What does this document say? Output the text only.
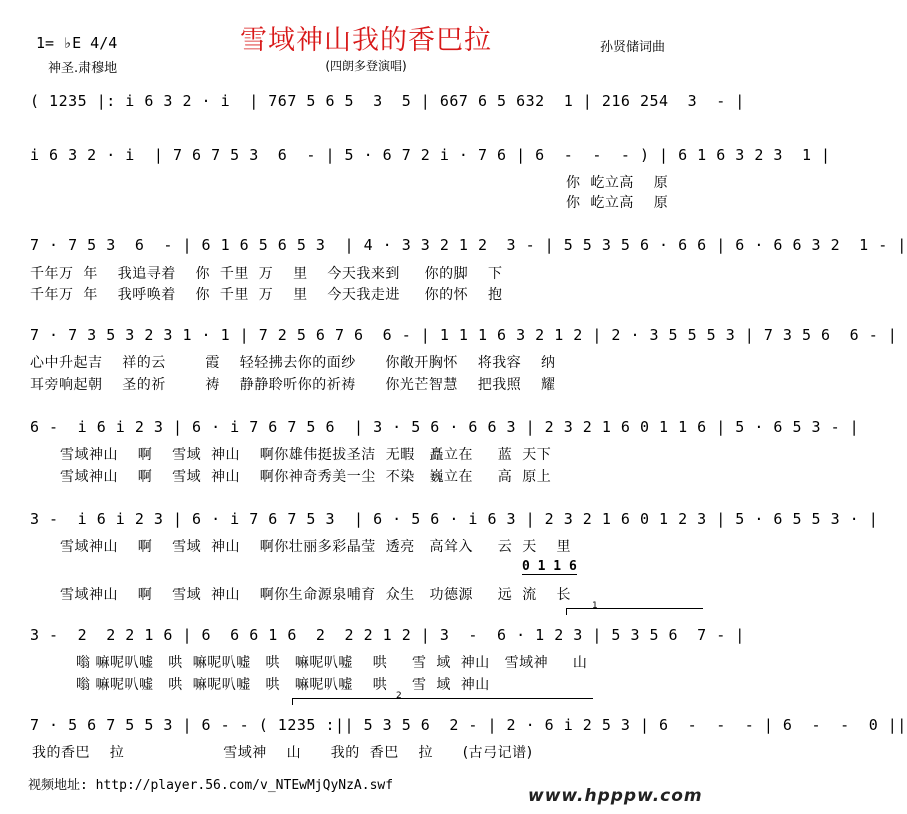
雪域神山我的香巴拉
1= ♭E 4/4
神圣.肃穆地
孙贤储词曲
(四朗多登演唱)
( 1235 |: i 6 3 2 · i  | 767 5 6 5  3  5 | 667 6 5 632  1 | 216 254  3  - |
i 6 3 2 · i  | 7 6 7 5 3  6  - | 5 · 6 7 2 i · 7 6 | 6  -  -  - ) | 6 1 6 3 2 3  1 |
你  屹立高    原
你  屹立高    原
7 · 7 5 3  6  - | 6 1 6 5 6 5 3  | 4 · 3 3 2 1 2  3 - | 5 5 3 5 6 · 6 6 | 6 · 6 6 3 2  1 - |
千年万  年    我追寻着    你  千里  万    里    今天我来到     你的脚    下
千年万  年    我呼唤着    你  千里  万    里    今天我走进     你的怀    抱
7 · 7 3 5 3 2 3 1 · 1 | 7 2 5 6 7 6  6 - | 1 1 1 6 3 2 1 2 | 2 · 3 5 5 5 3 | 7 3 5 6  6 - |
心中升起吉    祥的云        霞    轻轻拂去你的面纱      你敞开胸怀    将我容    纳
耳旁响起朝    圣的祈        祷    静静聆听你的祈祷      你光芒智慧    把我照    耀
6 -  i 6 i 2 3 | 6 · i 7 6 7 5 6  | 3 · 5 6 · 6 6 3 | 2 3 2 1 6 0 1 1 6 | 5 · 6 5 3 - |
雪域神山    啊    雪域  神山    啊你雄伟挺拔圣洁  无暇   矗立在     蓝  天下
雪域神山    啊    雪域  神山    啊你神奇秀美一尘  不染   巍立在     高  原上
3 -  i 6 i 2 3 | 6 · i 7 6 7 5 3  | 6 · 5 6 · i 6 3 | 2 3 2 1 6 0 1 2 3 | 5 · 6 5 5 3 · |
雪域神山    啊    雪域  神山    啊你壮丽多彩晶莹  透亮   高耸入     云  天    里
0 1 1 6
雪域神山    啊    雪域  神山    啊你生命源泉哺育  众生   功德源     远  流    长
1
3 -  2  2 2 1 6 | 6  6 6 1 6  2  2 2 1 2 | 3  -  6 · 1 2 3 | 5 3 5 6  7 - |
嗡 嘛呢叭嘘   哄  嘛呢叭嘘   哄   嘛呢叭嘘    哄     雪  域  神山   雪域神     山
嗡 嘛呢叭嘘   哄  嘛呢叭嘘   哄   嘛呢叭嘘    哄     雪  域  神山
2
7 · 5 6 7 5 5 3 | 6 - - ( 1235 :|| 5 3 5 6  2 - | 2 · 6 i 2 5 3 | 6  -  -  - | 6  -  -  0 ||
我的香巴    拉                    雪域神    山      我的  香巴    拉      (古弓记谱)
视频地址: http://player.56.com/v_NTEwMjQyNzA.swf
www.hpppw.com
